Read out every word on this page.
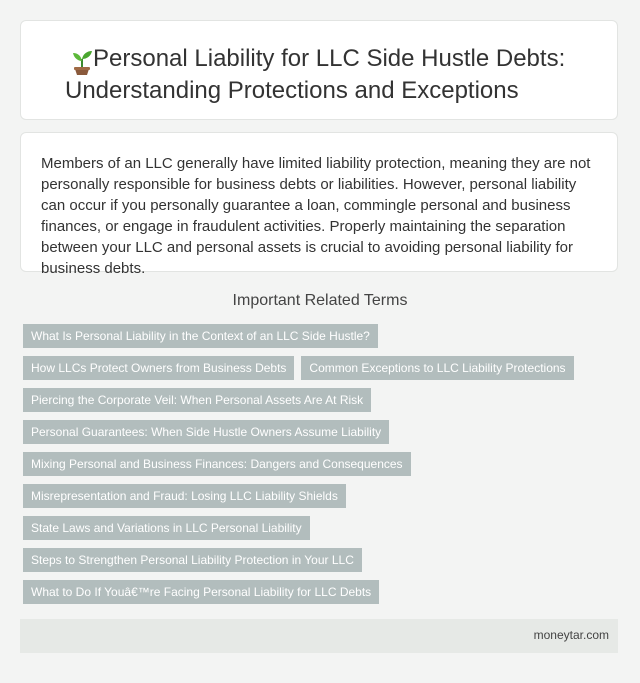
Personal Liability for LLC Side Hustle Debts: Understanding Protections and Exceptions

Members of an LLC generally have limited liability protection, meaning they are not personally responsible for business debts or liabilities. However, personal liability can occur if you personally guarantee a loan, commingle personal and business finances, or engage in fraudulent activities. Properly maintaining the separation between your LLC and personal assets is crucial to avoiding personal liability for business debts.

Important Related Terms
What Is Personal Liability in the Context of an LLC Side Hustle?
How LLCs Protect Owners from Business Debts	Common Exceptions to LLC Liability Protections
Piercing the Corporate Veil: When Personal Assets Are At Risk
Personal Guarantees: When Side Hustle Owners Assume Liability
Mixing Personal and Business Finances: Dangers and Consequences
Misrepresentation and Fraud: Losing LLC Liability Shields
State Laws and Variations in LLC Personal Liability
Steps to Strengthen Personal Liability Protection in Your LLC
What to Do If Youâ€™re Facing Personal Liability for LLC Debts
moneytar.com
